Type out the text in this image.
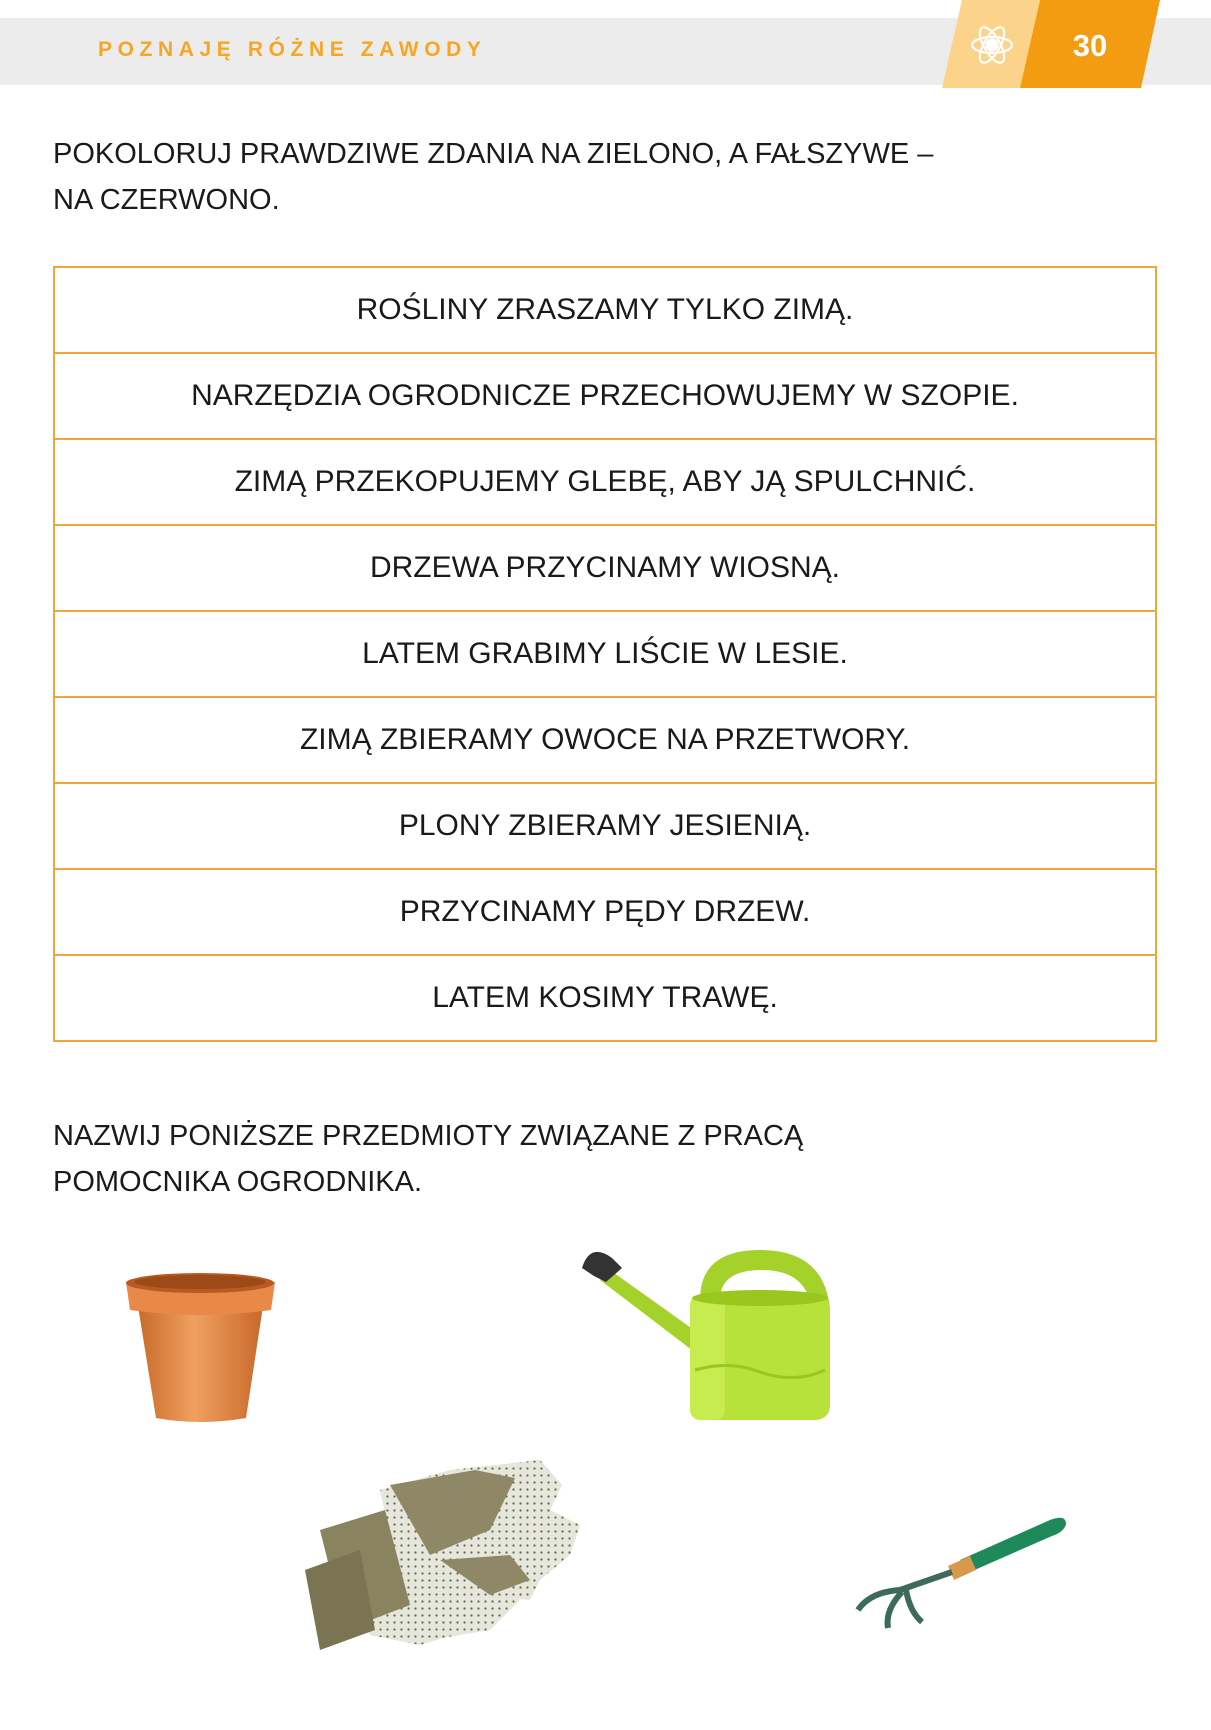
POZNAJĘ RÓŻNE ZAWODY	30
POKOLORUJ PRAWDZIWE ZDANIA NA ZIELONO, A FAŁSZYWE –
NA CZERWONO.
ROŚLINY ZRASZAMY TYLKO ZIMĄ.
NARZĘDZIA OGRODNICZE PRZECHOWUJEMY W SZOPIE.
ZIMĄ PRZEKOPUJEMY GLEBĘ, ABY JĄ SPULCHNIĆ.
DRZEWA PRZYCINAMY WIOSNĄ.
LATEM GRABIMY LIŚCIE W LESIE.
ZIMĄ ZBIERAMY OWOCE NA PRZETWORY.
PLONY ZBIERAMY JESIENIĄ.
PRZYCINAMY PĘDY DRZEW.
LATEM KOSIMY TRAWĘ.
NAZWIJ PONIŻSZE PRZEDMIOTY ZWIĄZANE Z PRACĄ
POMOCNIKA OGRODNIKA.
